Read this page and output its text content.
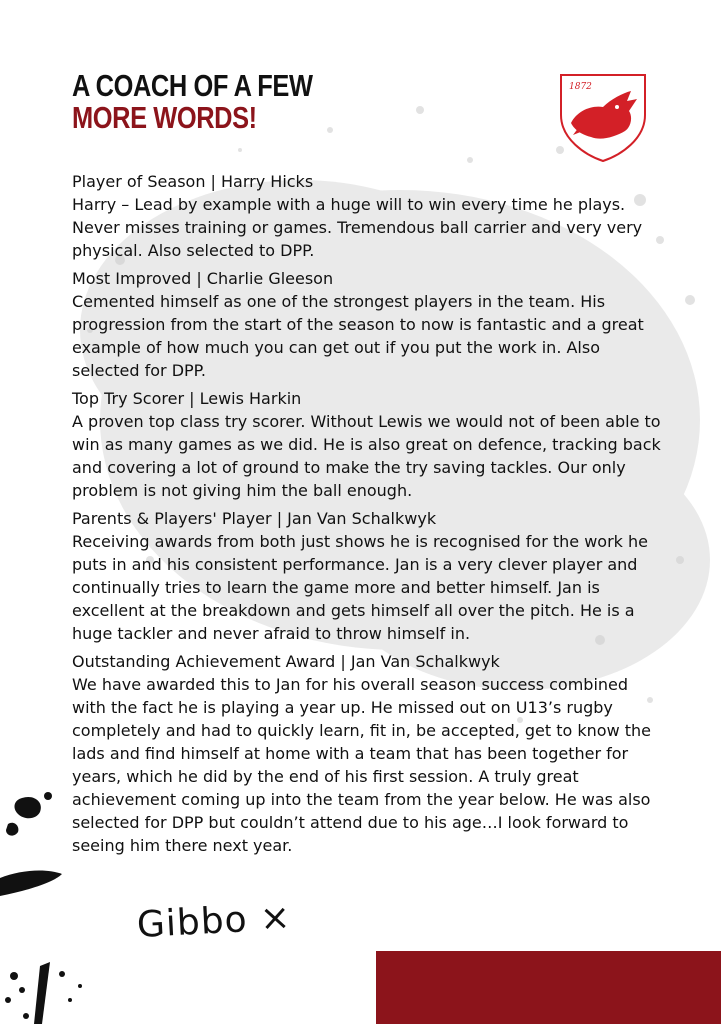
A COACH OF A FEW
MORE WORDS!
1872
Player of Season | Harry Hicks

Harry – Lead by example with a huge will to win every time he plays. Never misses training or games. Tremendous ball carrier and very very physical. Also selected to DPP.

Most Improved | Charlie Gleeson

Cemented himself as one of the strongest players in the team. His progression from the start of the season to now is fantastic and a great example of how much you can get out if you put the work in. Also selected for DPP.

Top Try Scorer | Lewis Harkin

A proven top class try scorer. Without Lewis we would not of been able to win as many games as we did. He is also great on defence, tracking back and covering a lot of ground to make the try saving tackles. Our only problem is not giving him the ball enough.

Parents & Players' Player | Jan Van Schalkwyk

Receiving awards from both just shows he is recognised for the work he puts in and his consistent performance. Jan is a very clever player and continually tries to learn the game more and better himself. Jan is excellent at the breakdown and gets himself all over the pitch. He is a huge tackler and never afraid to throw himself in.

Outstanding Achievement Award | Jan Van Schalkwyk

We have awarded this to Jan for his overall season success combined with the fact he is playing a year up. He missed out on U13’s rugby completely and had to quickly learn, fit in, be accepted, get to know the lads and find himself at home with a team that has been together for years, which he did by the end of his first session. A truly great achievement coming up into the team from the year below. He was also selected for DPP but couldn’t attend due to his age…I look forward to seeing him there next year.

Gibbo ×
